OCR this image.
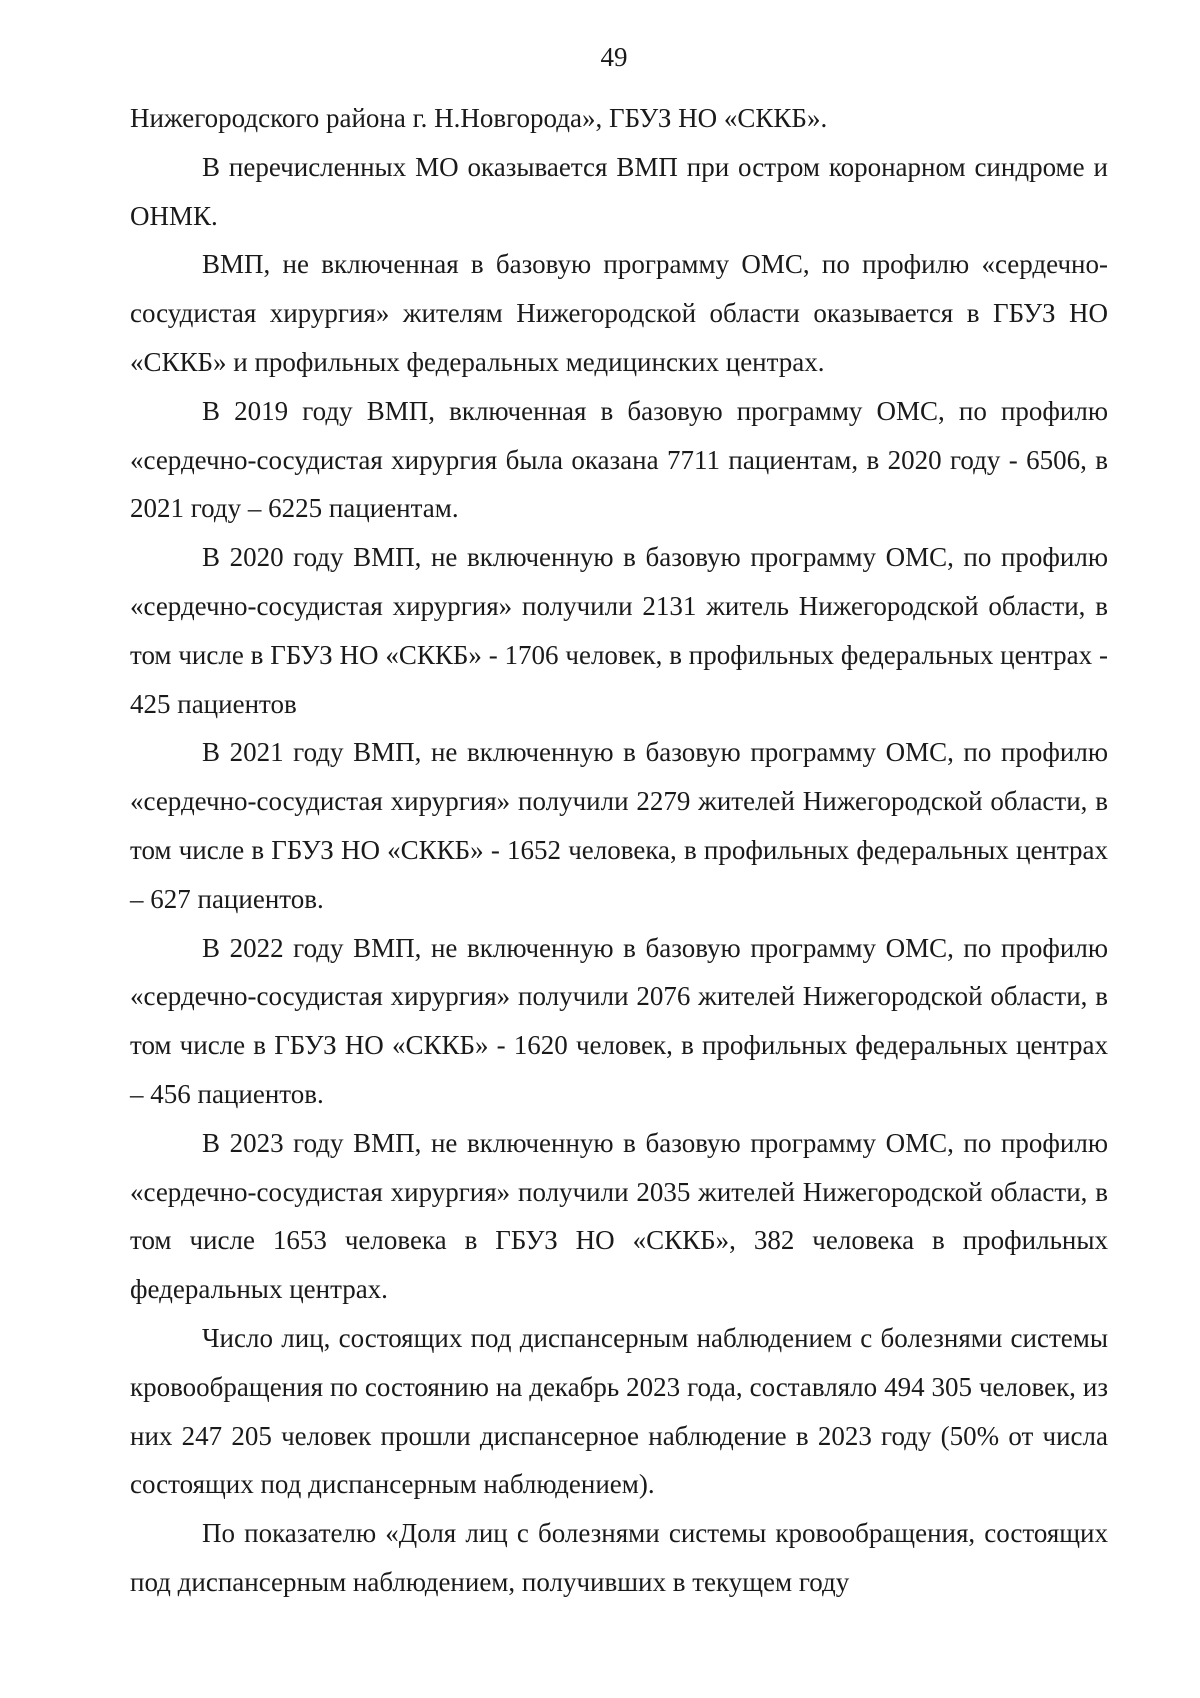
49

Нижегородского района г. Н.Новгорода», ГБУЗ НО «СККБ».

В перечисленных МО оказывается ВМП при остром коронарном синдроме и ОНМК.

ВМП, не включенная в базовую программу ОМС, по профилю «сердечно-сосудистая хирургия» жителям Нижегородской области оказывается в ГБУЗ НО «СККБ» и профильных федеральных медицинских центрах.

В 2019 году ВМП, включенная в базовую программу ОМС, по профилю «сердечно-сосудистая хирургия была оказана 7711 пациентам, в 2020 году - 6506, в 2021 году – 6225 пациентам.

В 2020 году ВМП, не включенную в базовую программу ОМС, по профилю «сердечно-сосудистая хирургия» получили 2131 житель Нижегородской области, в том числе в ГБУЗ НО «СККБ» - 1706 человек, в профильных федеральных центрах - 425 пациентов

В 2021 году ВМП, не включенную в базовую программу ОМС, по профилю «сердечно-сосудистая хирургия» получили 2279 жителей Нижегородской области, в том числе в ГБУЗ НО «СККБ» - 1652 человека, в профильных федеральных центрах – 627 пациентов.

В 2022 году ВМП, не включенную в базовую программу ОМС, по профилю «сердечно-сосудистая хирургия» получили 2076 жителей Нижегородской области, в том числе в ГБУЗ НО «СККБ» - 1620 человек, в профильных федеральных центрах – 456 пациентов.

В 2023 году ВМП, не включенную в базовую программу ОМС, по профилю «сердечно-сосудистая хирургия» получили 2035 жителей Нижегородской области, в том числе 1653 человека в ГБУЗ НО «СККБ», 382 человека в профильных федеральных центрах.

Число лиц, состоящих под диспансерным наблюдением с болезнями системы кровообращения по состоянию на декабрь 2023 года, составляло 494 305 человек, из них 247 205 человек прошли диспансерное наблюдение в 2023 году (50% от числа состоящих под диспансерным наблюдением).

По показателю «Доля лиц с болезнями системы кровообращения, состоящих под диспансерным наблюдением, получивших в текущем году
